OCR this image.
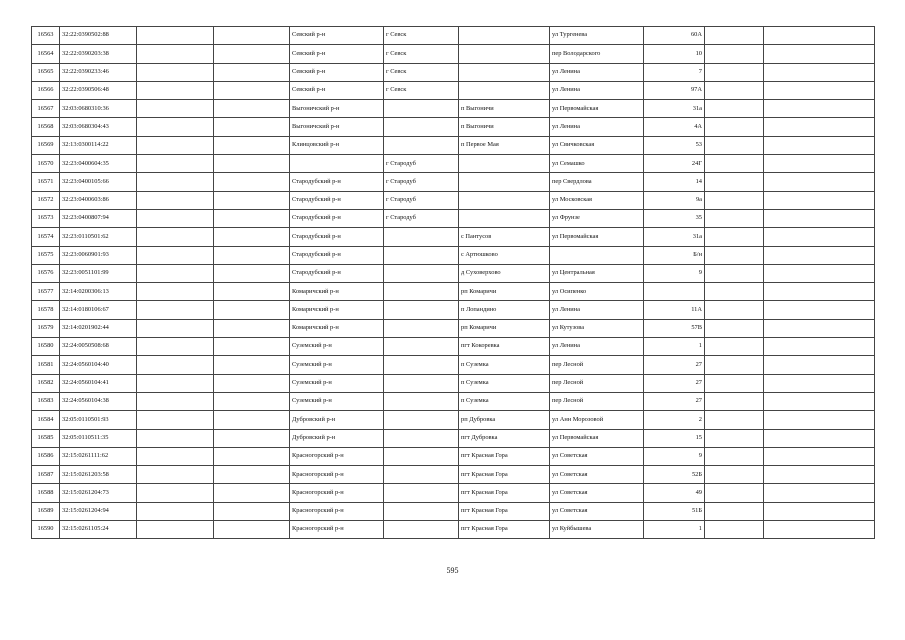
16563	32:22:0390502:88			Севский р-н	г Севск		ул Тургенева	60А		
16564	32:22:0390203:38			Севский р-н	г Севск		пер Володарского	10		
16565	32:22:0390233:46			Севский р-н	г Севск		ул Ленина	7		
16566	32:22:0390506:48			Севский р-н	г Севск		ул Ленина	97А		
16567	32:03:0680310:36			Выгоничский р-н		п Выгоничи	ул Первомайская	31а		
16568	32:03:0680304:43			Выгоничский р-н		п Выгоничи	ул Ленина	4А		
16569	32:13:0300114:22			Клинцовский р-н		п Первое Мая	ул Свичковская	53		
16570	32:23:0400604:35				г Стародуб		ул Семашко	24Г		
16571	32:23:0400105:66			Стародубский р-н	г Стародуб		пер Свердлова	14		
16572	32:23:0400603:86			Стародубский р-н	г Стародуб		ул Московская	9а		
16573	32:23:0400807:94			Стародубский р-н	г Стародуб		ул Фрунзе	35		
16574	32:23:0110501:62			Стародубский р-н		с Пантусов	ул Первомайская	31а		
16575	32:23:0060901:93			Стародубский р-н		с Артюшково		Б/н		
16576	32:23:0051101:99			Стародубский р-н		д Суховерхово	ул Центральная	9		
16577	32:14:0200306:13			Комаричский р-н		рп Комаричи	ул Осипенко			
16578	32:14:0180106:67			Комаричский р-н		п Лопандино	ул Ленина	11А		
16579	32:14:0201902:44			Комаричский р-н		рп Комаричи	ул Кутузова	57В		
16580	32:24:0050508:68			Суземский р-н		пгт Кокоревка	ул Ленина	1		
16581	32:24:0560104:40			Суземский р-н		п Суземка	пер Лесной	27		
16582	32:24:0560104:41			Суземский р-н		п Суземка	пер Лесной	27		
16583	32:24:0560104:38			Суземский р-н		п Суземка	пер Лесной	27		
16584	32:05:0110501:93			Дубровский р-н		рп Дубровка	ул Анн Морозовой	2		
16585	32:05:0110511:35			Дубровский р-н		пгт Дубровка	ул Первомайская	15		
16586	32:15:0261111:62			Красногорский р-н		пгт Красная Гора	ул Советская	9		
16587	32:15:0261203:58			Красногорский р-н		пгт Красная Гора	ул Советская	52Б		
16588	32:15:0261204:73			Красногорский р-н		пгт Красная Гора	ул Советская	49		
16589	32:15:0261204:94			Красногорский р-н		пгт Красная Гора	ул Советская	51Б		
16590	32:15:0261105:24			Красногорский р-н		пгт Красная Гора	ул Куйбышева	1		
595
